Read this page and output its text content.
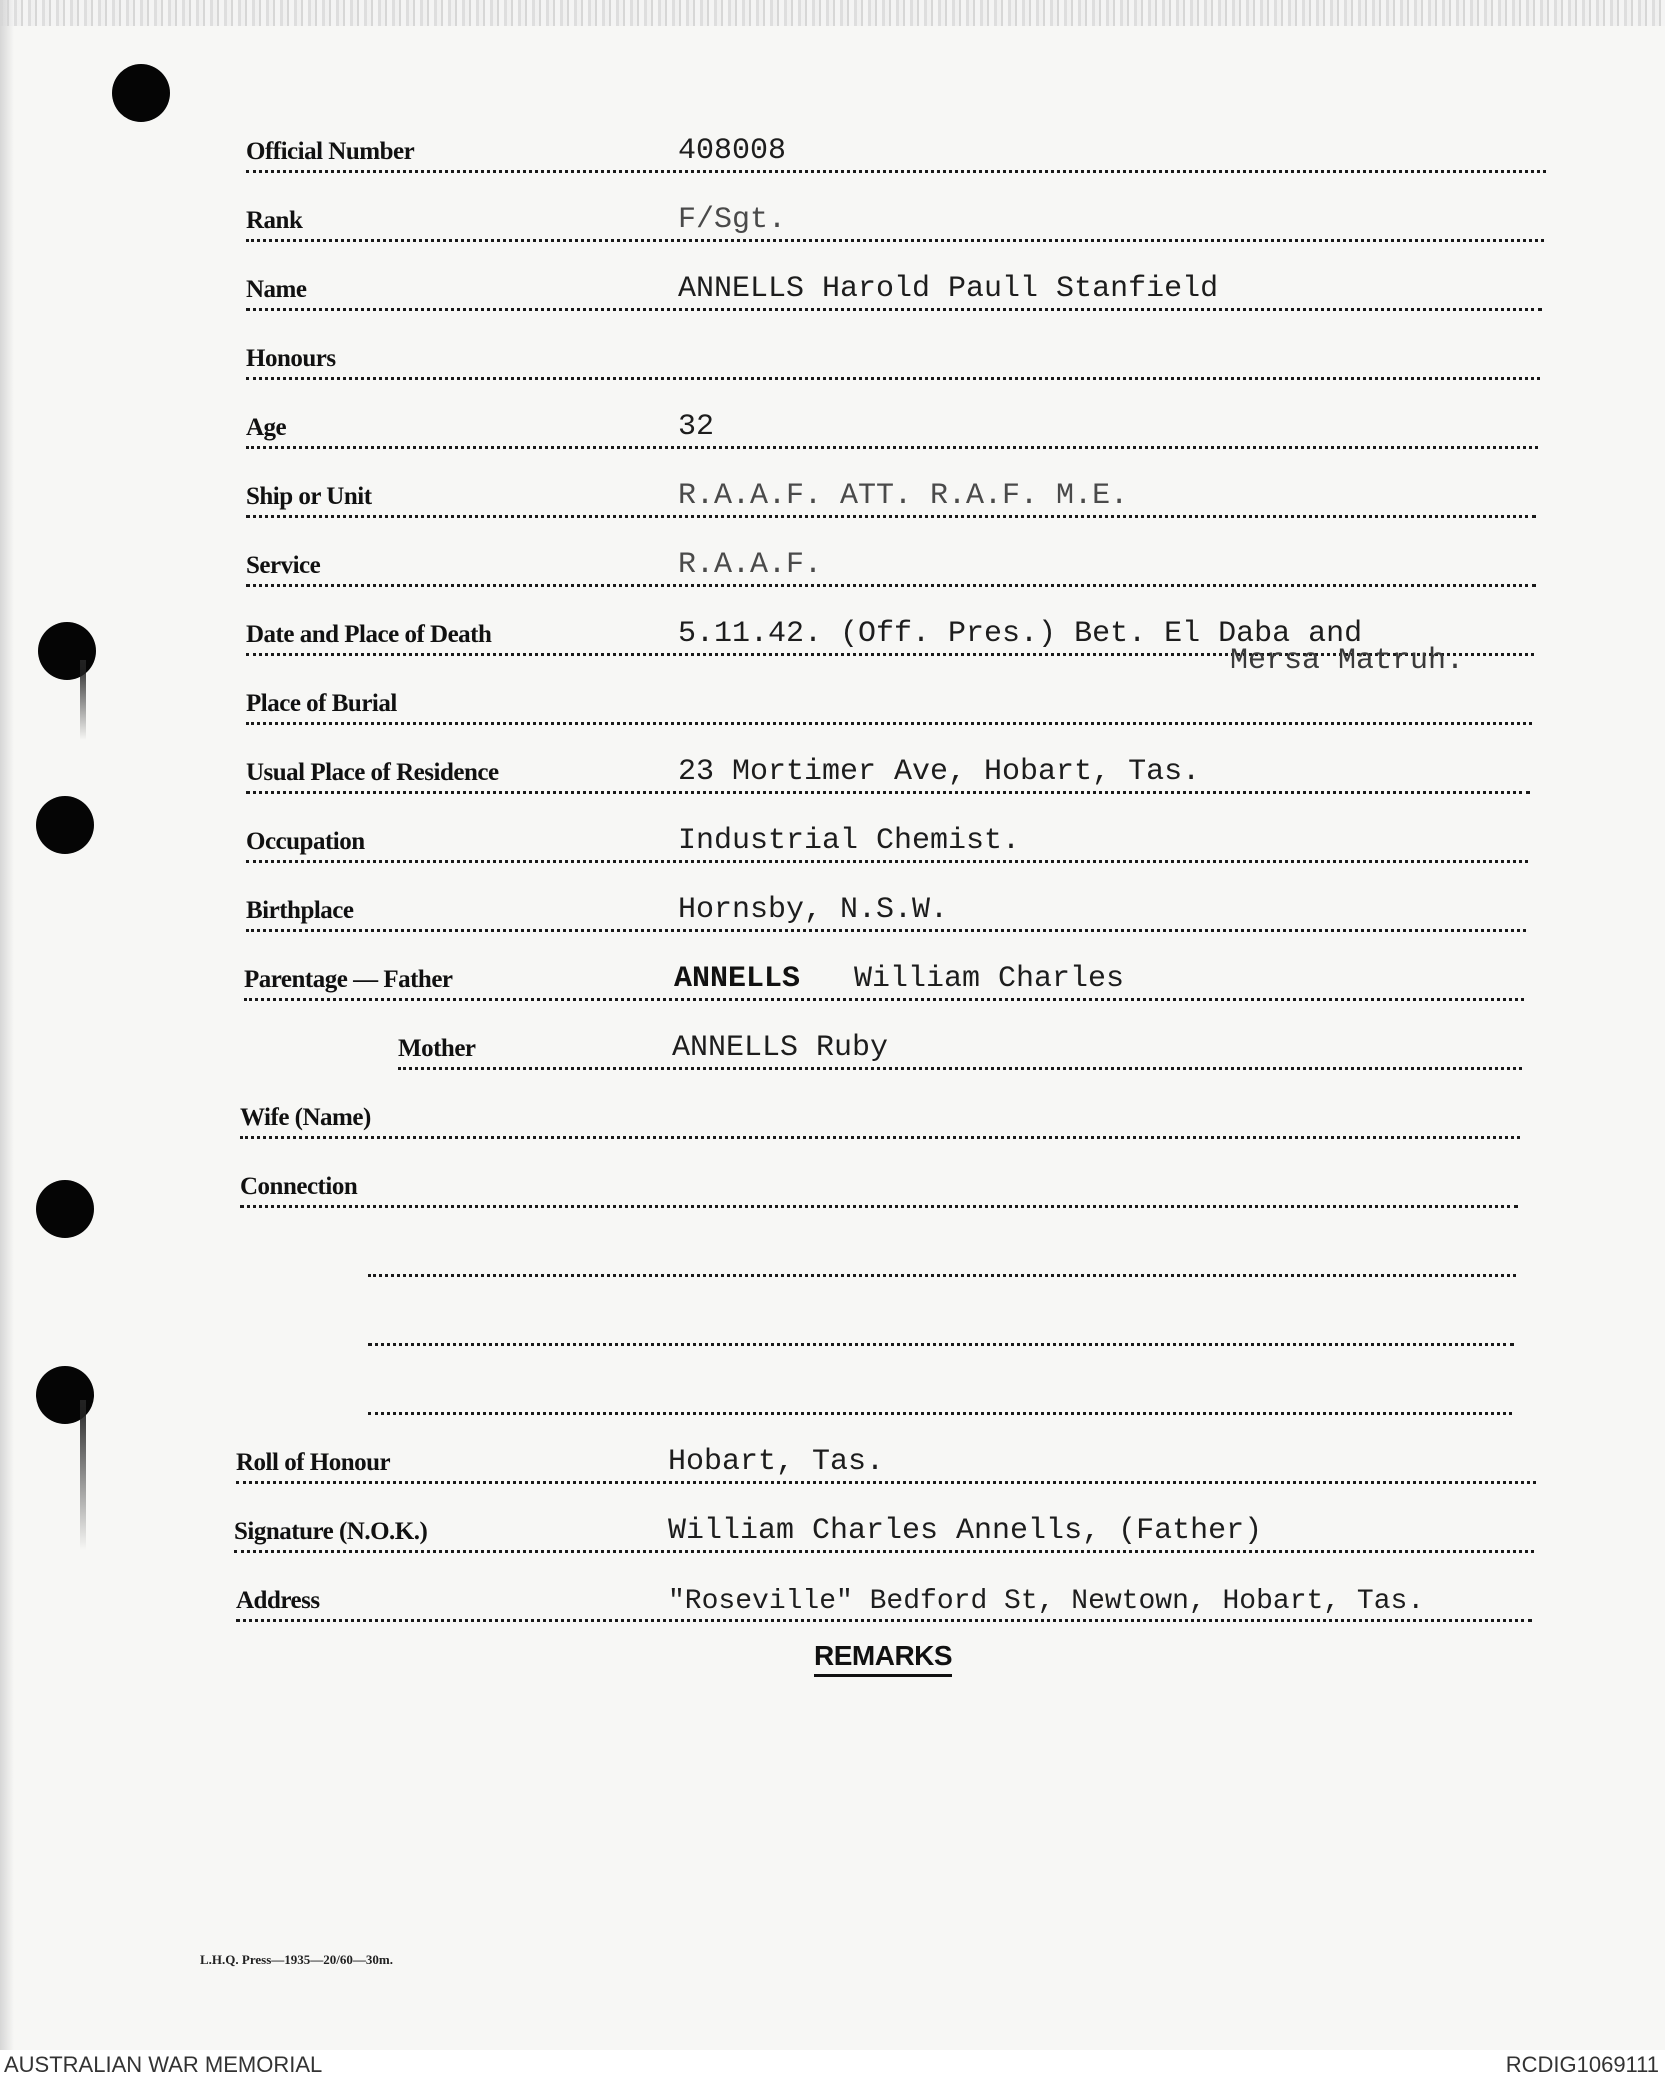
Official Number	408008
Rank	F/Sgt.
Name	ANNELLS Harold Paull Stanfield
Honours
Age	32
Ship or Unit	R.A.A.F. ATT. R.A.F. M.E.
Service	R.A.A.F.
Date and Place of Death	5.11.42. (Off. Pres.) Bet. El Daba and
Mersa Matruh.
Place of Burial
Usual Place of Residence	23 Mortimer Ave, Hobart, Tas.
Occupation	Industrial Chemist.
Birthplace	Hornsby, N.S.W.
Parentage — Father	ANNELLS William Charles
Mother	ANNELLS Ruby
Wife (Name)
Connection
Roll of Honour	Hobart, Tas.
Signature (N.O.K.)	William Charles Annells, (Father)
Address	"Roseville" Bedford St, Newtown, Hobart, Tas.
REMARKS
L.H.Q. Press—1935—20/60—30m.
AUSTRALIAN WAR MEMORIAL	RCDIG1069111
